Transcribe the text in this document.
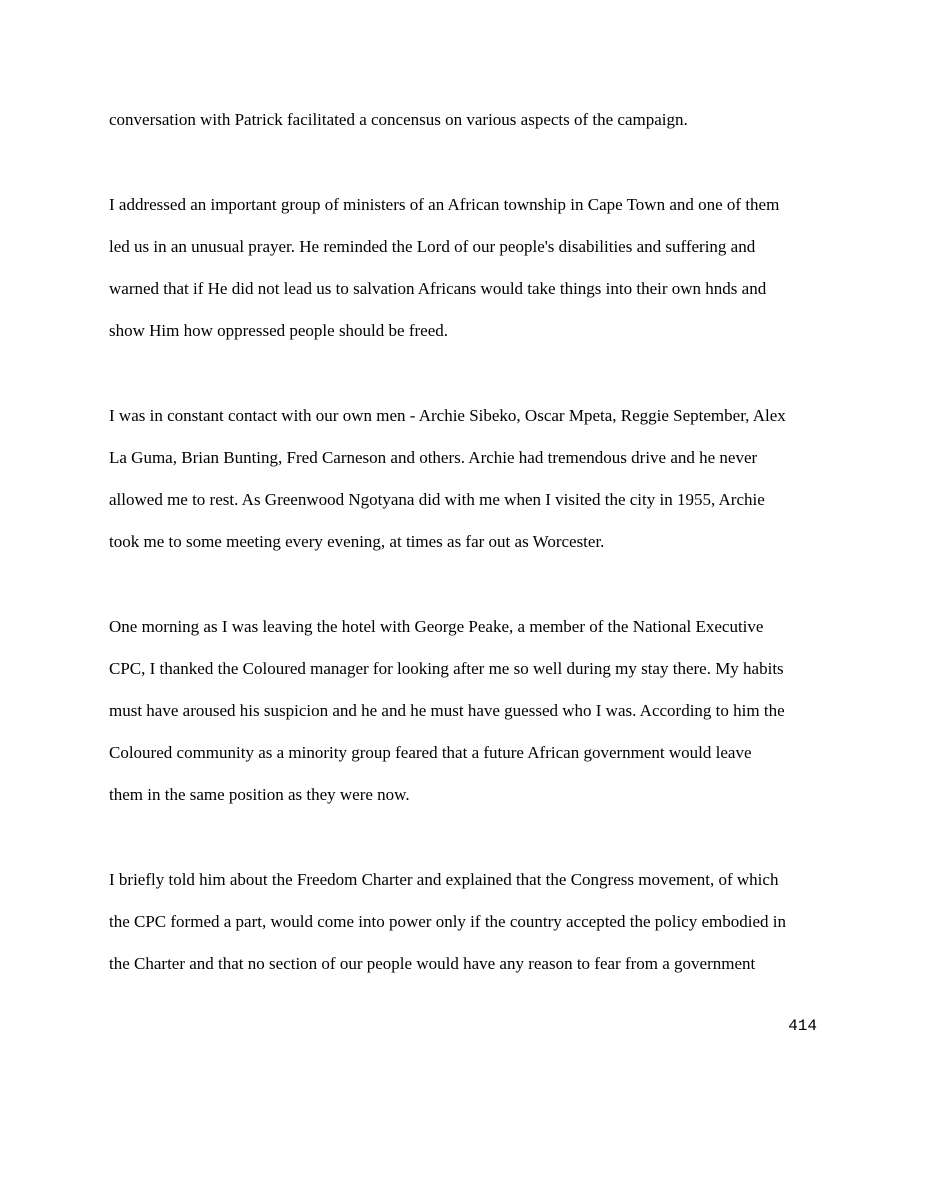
conversation with Patrick facilitated a concensus on various aspects of the campaign.

I addressed an important group of ministers of an African township in Cape Town and one of them

led us in an unusual prayer. He reminded the Lord of our people's disabilities and suffering and

warned that if He did not lead us to salvation Africans would take things into their own hnds and

show Him how oppressed people should be freed.

I was in constant contact with our own men - Archie Sibeko, Oscar Mpeta, Reggie September, Alex

La Guma, Brian Bunting, Fred Carneson and others. Archie had tremendous drive and he never

allowed me to rest. As Greenwood Ngotyana did with me when I visited the city in 1955, Archie

took me to some meeting every evening, at times as far out as Worcester.

One morning as I was leaving the hotel with George Peake, a member of the National Executive

CPC, I thanked the Coloured manager for looking after me so well during my stay there. My habits

must have aroused his suspicion and he and he must have guessed who I was. According to him the

Coloured community as a minority group feared that a future African government would leave

them in the same position as they were now.

I briefly told him about the Freedom Charter and explained that the Congress movement, of which

the CPC formed a part, would come into power only if the country accepted the policy embodied in

the Charter and that no section of our people would have any reason to fear from a government

414
